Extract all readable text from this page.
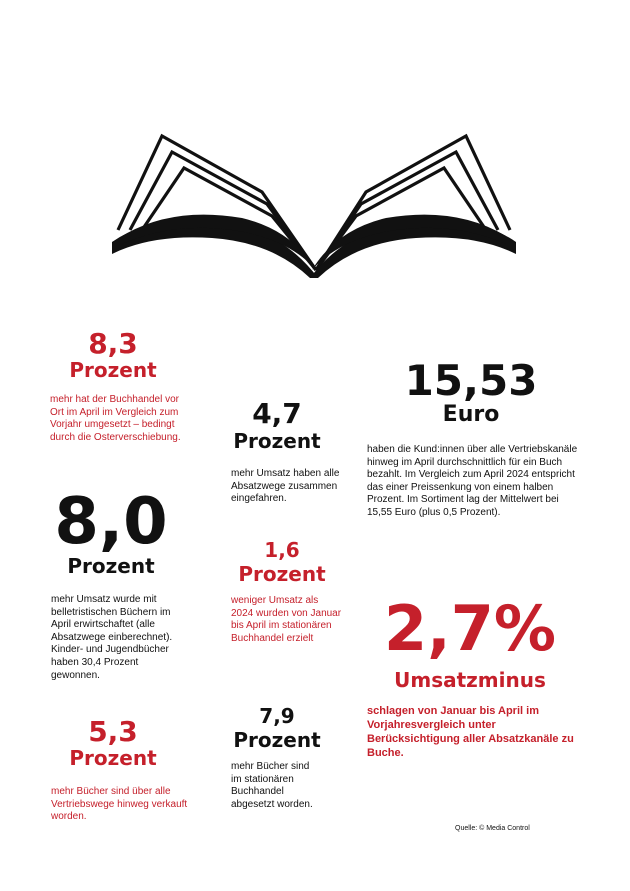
8,3

Prozent

mehr hat der Buchhandel vor Ort im April im Vergleich zum Vorjahr umgesetzt – bedingt durch die Osterverschiebung.

4,7

Prozent

mehr Umsatz haben alle Absatzwege zusammen eingefahren.

15,53

Euro

haben die Kund:innen über alle Vertriebskanäle hinweg im April durchschnittlich für ein Buch bezahlt. Im Vergleich zum April 2024 entspricht das einer Preissenkung von einem halben Prozent. Im Sortiment lag der Mittelwert bei 15,55 Euro (plus 0,5 Prozent).

8,0

Prozent

mehr Umsatz wurde mit belletristischen Büchern im April erwirtschaftet (alle Absatzwege einberechnet). Kinder- und Jugendbücher haben 30,4 Prozent gewonnen.

1,6

Prozent

weniger Umsatz als 2024 wurden von Januar bis April im stationären Buchhandel erzielt	2,7%

Umsatzminus

schlagen von Januar bis April im Vorjahresvergleich unter Berücksichtigung aller Absatzkanäle zu Buche.

5,3

Prozent

mehr Bücher sind über alle Vertriebswege hinweg verkauft worden.

7,9

Prozent

mehr Bücher sind im stationären Buchhandel abgesetzt worden.

Quelle: © Media Control
